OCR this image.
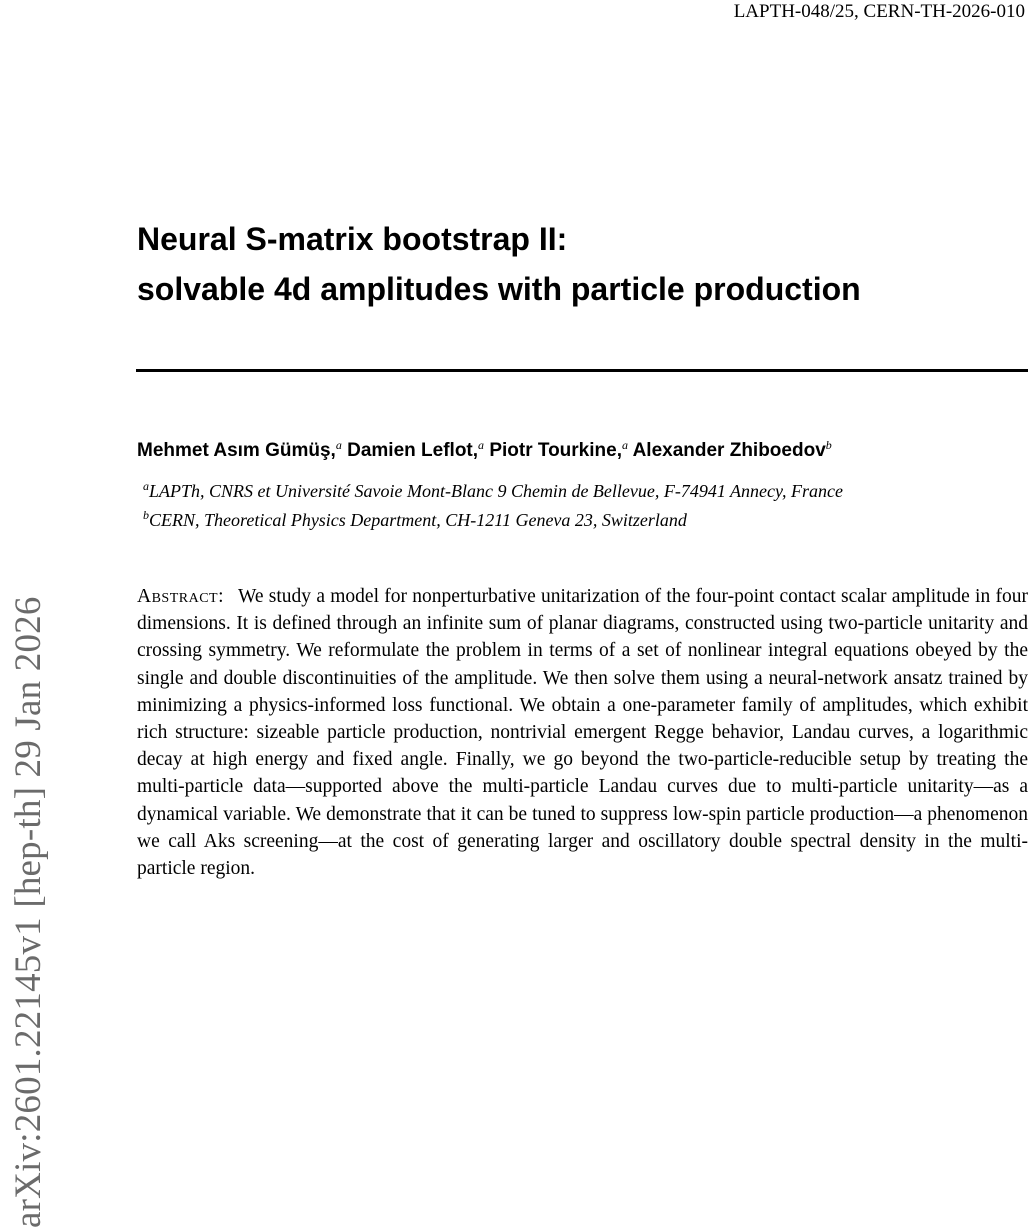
LAPTH-048/25, CERN-TH-2026-010
arXiv:2601.22145v1 [hep-th] 29 Jan 2026
Neural S-matrix bootstrap II:
solvable 4d amplitudes with particle production
Mehmet Asım Gümüş,$^a$ Damien Leflot,$^a$ Piotr Tourkine,$^a$ Alexander Zhiboedov$^b$
$^a$LAPTh, CNRS et Université Savoie Mont-Blanc 9 Chemin de Bellevue, F-74941 Annecy, France
$^b$CERN, Theoretical Physics Department, CH-1211 Geneva 23, Switzerland

Abstract: We study a model for nonperturbative unitarization of the four-point contact scalar amplitude in four dimensions. It is defined through an infinite sum of planar diagrams, constructed using two-particle unitarity and crossing symmetry. We reformulate the problem in terms of a set of nonlinear integral equations obeyed by the single and double discontinuities of the amplitude. We then solve them using a neural-network ansatz trained by minimizing a physics-informed loss functional. We obtain a one-parameter family of amplitudes, which exhibit rich structure: sizeable particle production, nontrivial emergent Regge behavior, Landau curves, a logarithmic decay at high energy and fixed angle. Finally, we go beyond the two-particle-reducible setup by treating the multi-particle data—supported above the multi-particle Landau curves due to multi-particle unitarity—as a dynamical variable. We demonstrate that it can be tuned to suppress low-spin particle production—a phenomenon we call Aks screening—at the cost of generating larger and oscillatory double spectral density in the multi-particle region.
